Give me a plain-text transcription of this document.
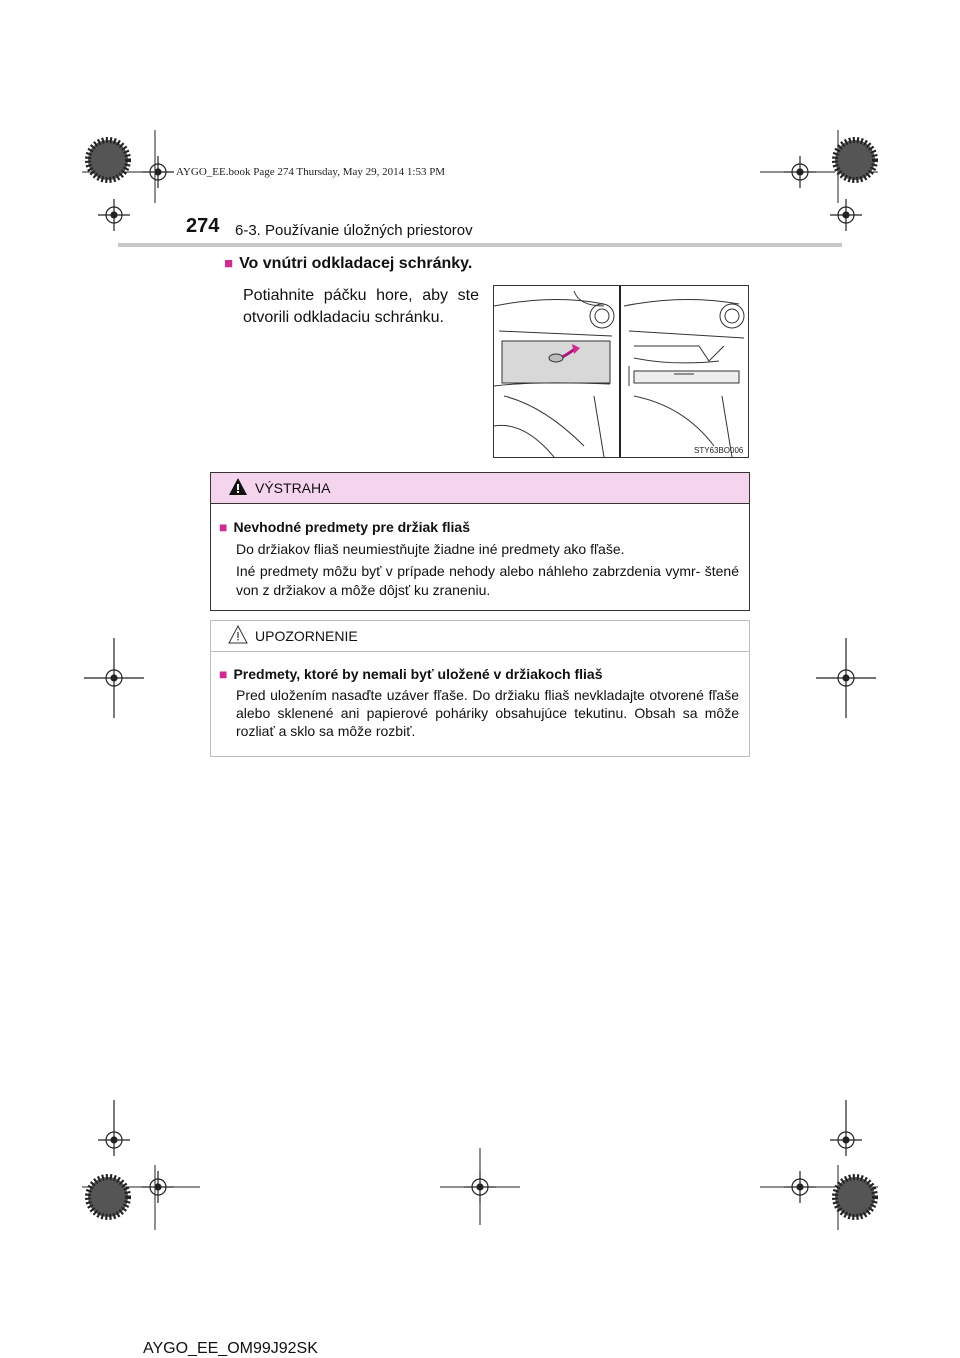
AYGO_EE.book Page 274 Thursday, May 29, 2014 1:53 PM
274 6-3. Používanie úložných priestorov
■ Vo vnútri odkladacej schránky.
Potiahnite páčku hore, aby ste otvorili odkladaciu schránku.
STY63BO006
VÝSTRAHA
■ Nevhodné predmety pre držiak fliaš

Do držiakov fliaš neumiestňujte žiadne iné predmety ako fľaše.

Iné predmety môžu byť v prípade nehody alebo náhleho zabrzdenia vymr- štené von z držiakov a môže dôjsť ku zraneniu.

UPOZORNENIE
■ Predmety, ktoré by nemali byť uložené v držiakoch fliaš

Pred uložením nasaďte uzáver fľaše. Do držiaku fliaš nevkladajte otvorené fľaše alebo sklenené ani papierové poháriky obsahujúce tekutinu. Obsah sa môže rozliať a sklo sa môže rozbiť.

AYGO_EE_OM99J92SK
